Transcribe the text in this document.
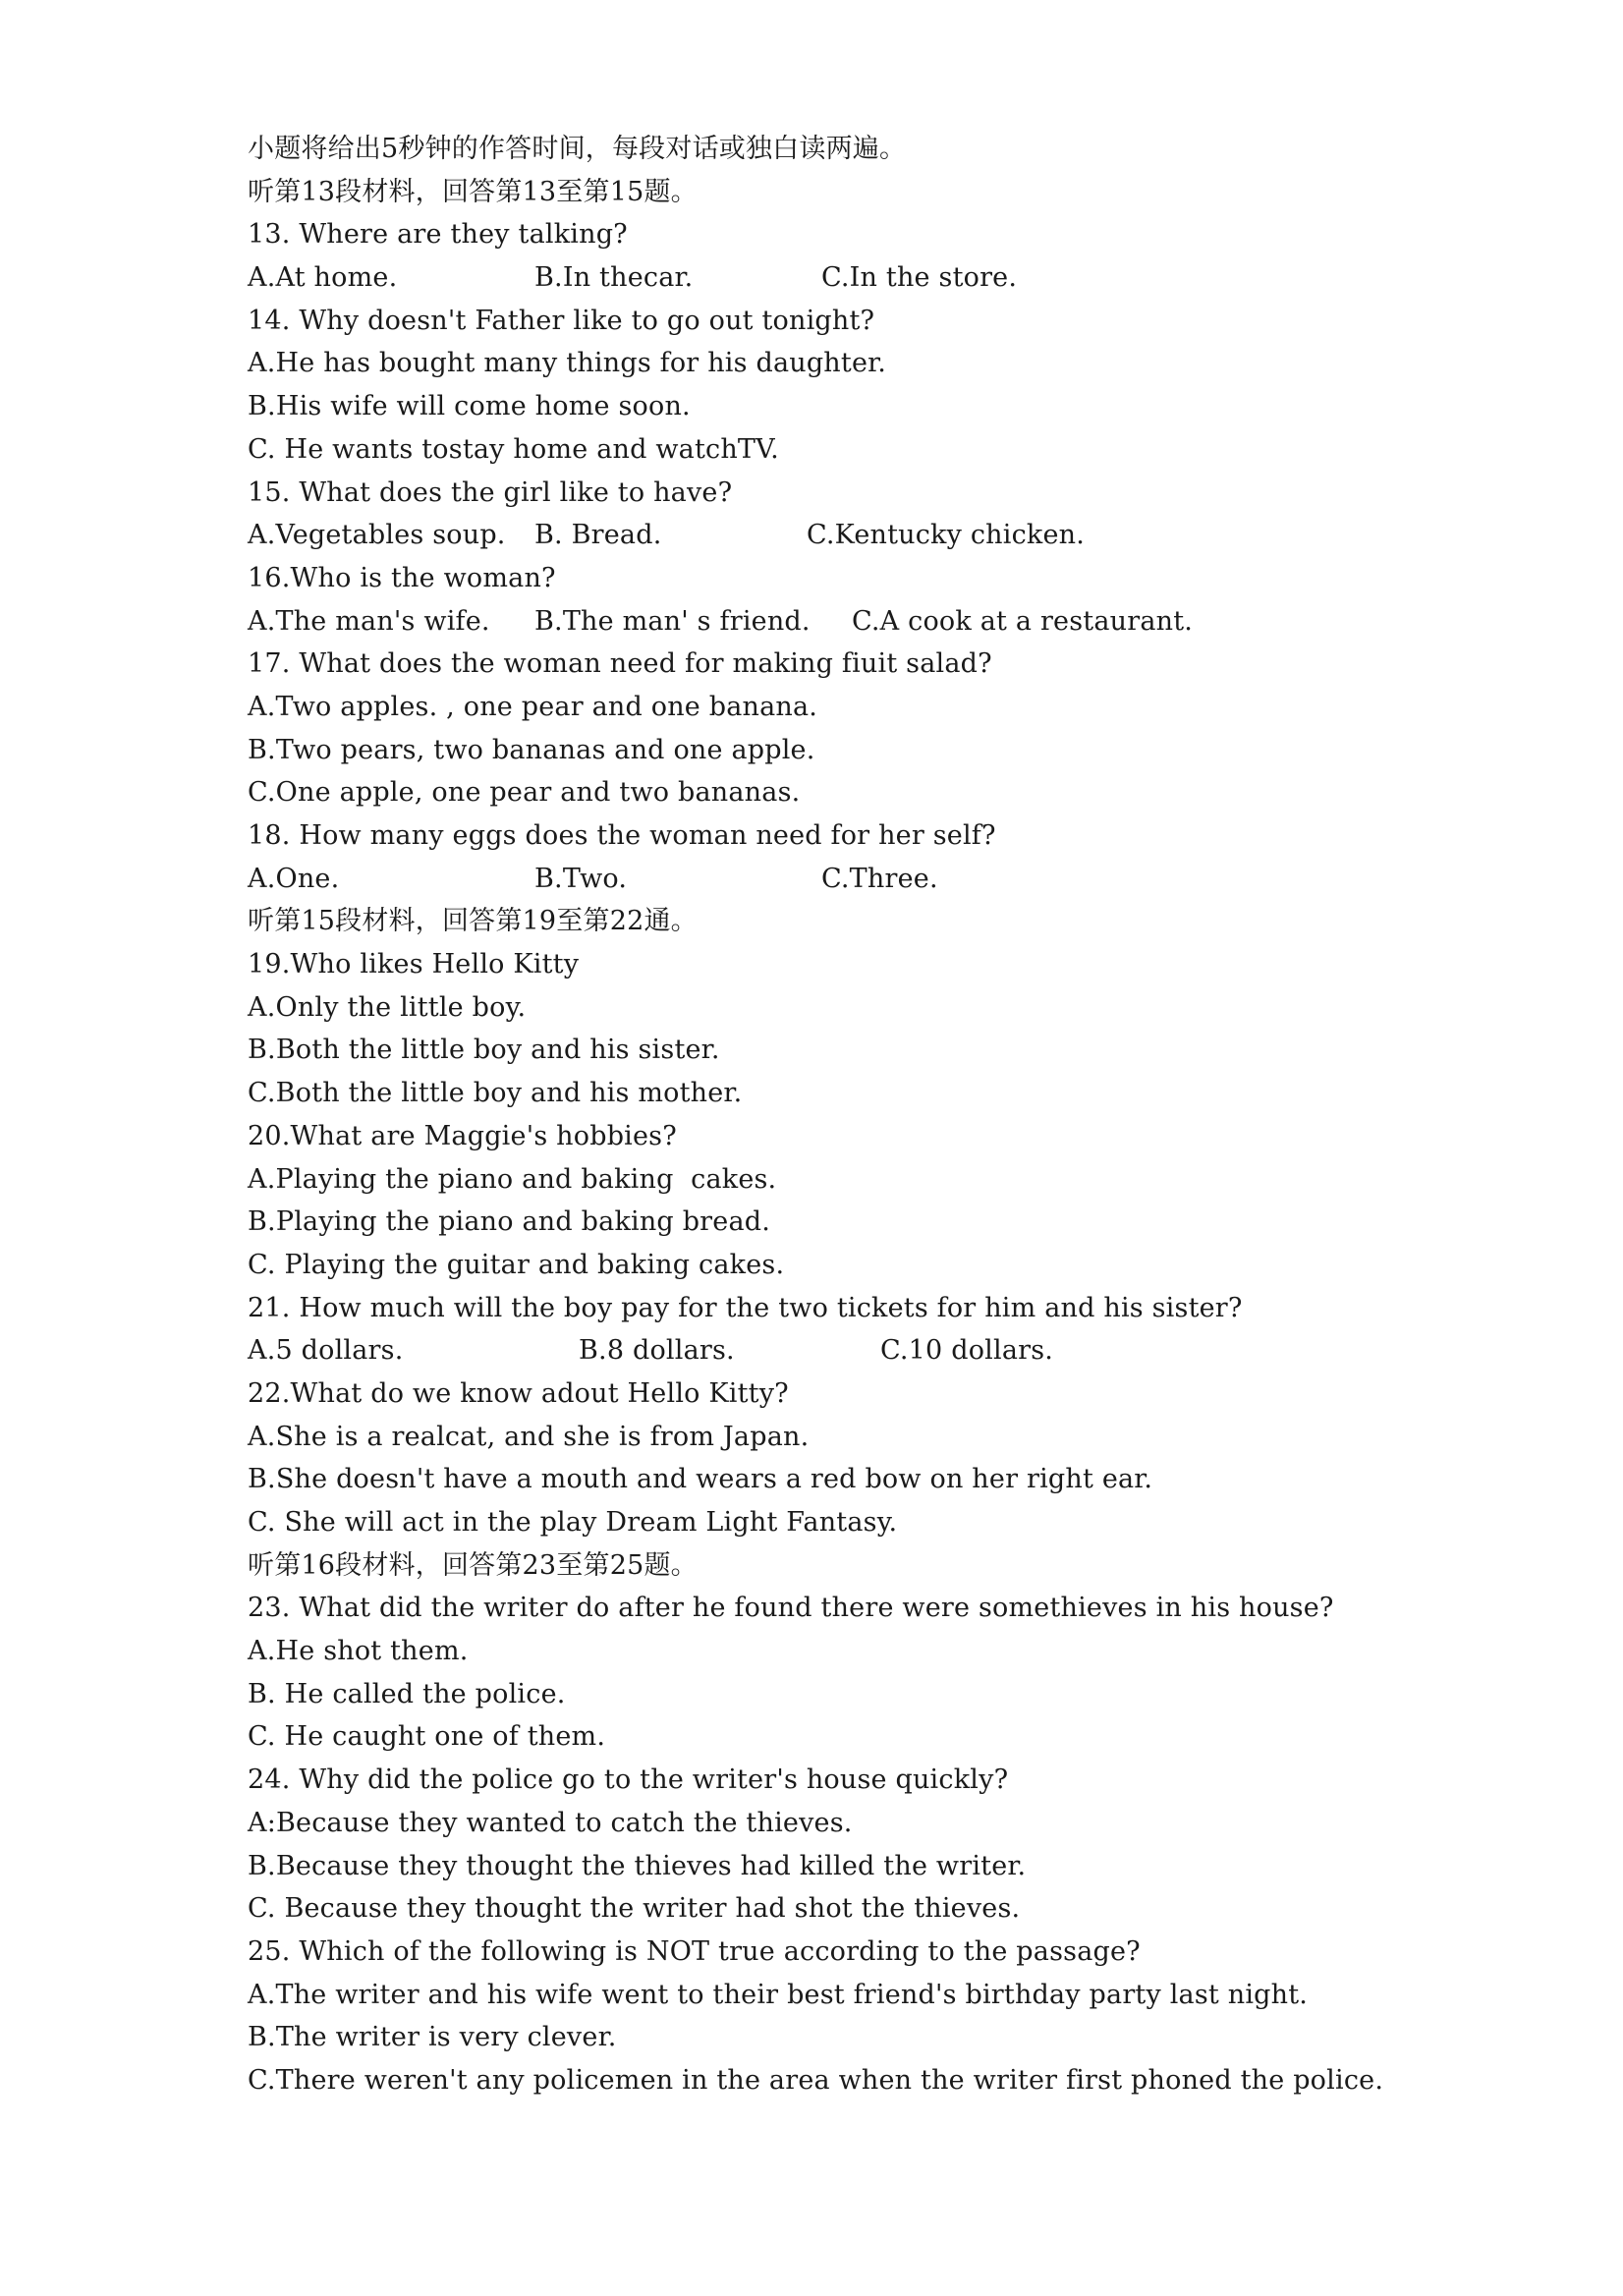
小题将给出5秒钟的作答时间，每段对话或独白读两遍。
听第13段材料，回答第13至第15题。
13. Where are they talking?
A.At home.	B.In thecar.	C.In the store.
14. Why doesn't Father like to go out tonight?
A.He has bought many things for his daughter.
B.His wife will come home soon.
C. He wants tostay home and watchTV.
15. What does the girl like to have?
A.Vegetables soup.	B. Bread.	C.Kentucky chicken.
16.Who is the woman?
A.The man's wife.	B.The man' s friend.	C.A cook at a restaurant.
17. What does the woman need for making fiuit salad?
A.Two apples. , one pear and one banana.
B.Two pears, two bananas and one apple.
C.One apple, one pear and two bananas.
18. How many eggs does the woman need for her self?
A.One.	B.Two.	C.Three.
听第15段材料，回答第19至第22通。
19.Who likes Hello Kitty
A.Only the little boy.
B.Both the little boy and his sister.
C.Both the little boy and his mother.
20.What are Maggie's hobbies?
A.Playing the piano and baking  cakes.
B.Playing the piano and baking bread.
C. Playing the guitar and baking cakes.
21. How much will the boy pay for the two tickets for him and his sister?
A.5 dollars.	B.8 dollars.	C.10 dollars.
22.What do we know adout Hello Kitty?
A.She is a realcat, and she is from Japan.
B.She doesn't have a mouth and wears a red bow on her right ear.
C. She will act in the play Dream Light Fantasy.
听第16段材料，回答第23至第25题。
23. What did the writer do after he found there were somethieves in his house?
A.He shot them.
B. He called the police.
C. He caught one of them.
24. Why did the police go to the writer's house quickly?
A:Because they wanted to catch the thieves.
B.Because they thought the thieves had killed the writer.
C. Because they thought the writer had shot the thieves.
25. Which of the following is NOT true according to the passage?
A.The writer and his wife went to their best friend's birthday party last night.
B.The writer is very clever.
C.There weren't any policemen in the area when the writer first phoned the police.
